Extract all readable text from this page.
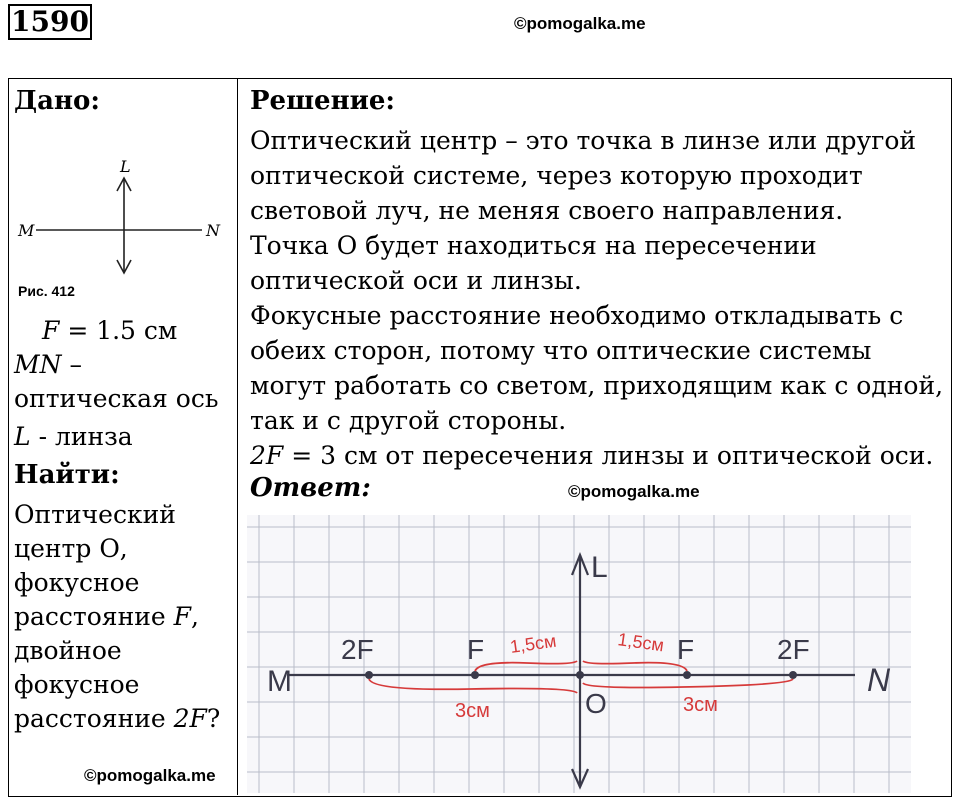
1590	©pomogalka.me
Дано:
L
M	N
Рис. 412
F = 1.5 см
MN – оптическая ось
L - линза
Найти:
Оптический центр О, фокусное расстояние F, двойное фокусное расстояние 2F?
©pomogalka.me
Решение:

Оптический центр – это точка в линзе или другой оптической системе, через которую проходит световой луч, не меняя своего направления.

Точка О будет находиться на пересечении оптической оси и линзы.

Фокусные расстояние необходимо откладывать с обеих сторон, потому что оптические системы могут работать со светом, приходящим как с одной, так и с другой стороны.

2F = 3 см от пересечения линзы и оптической оси.

Ответ:	©pomogalka.me
M	N
L
O
2F	F	F	2F
1,5см	1,5см
3см	3см
